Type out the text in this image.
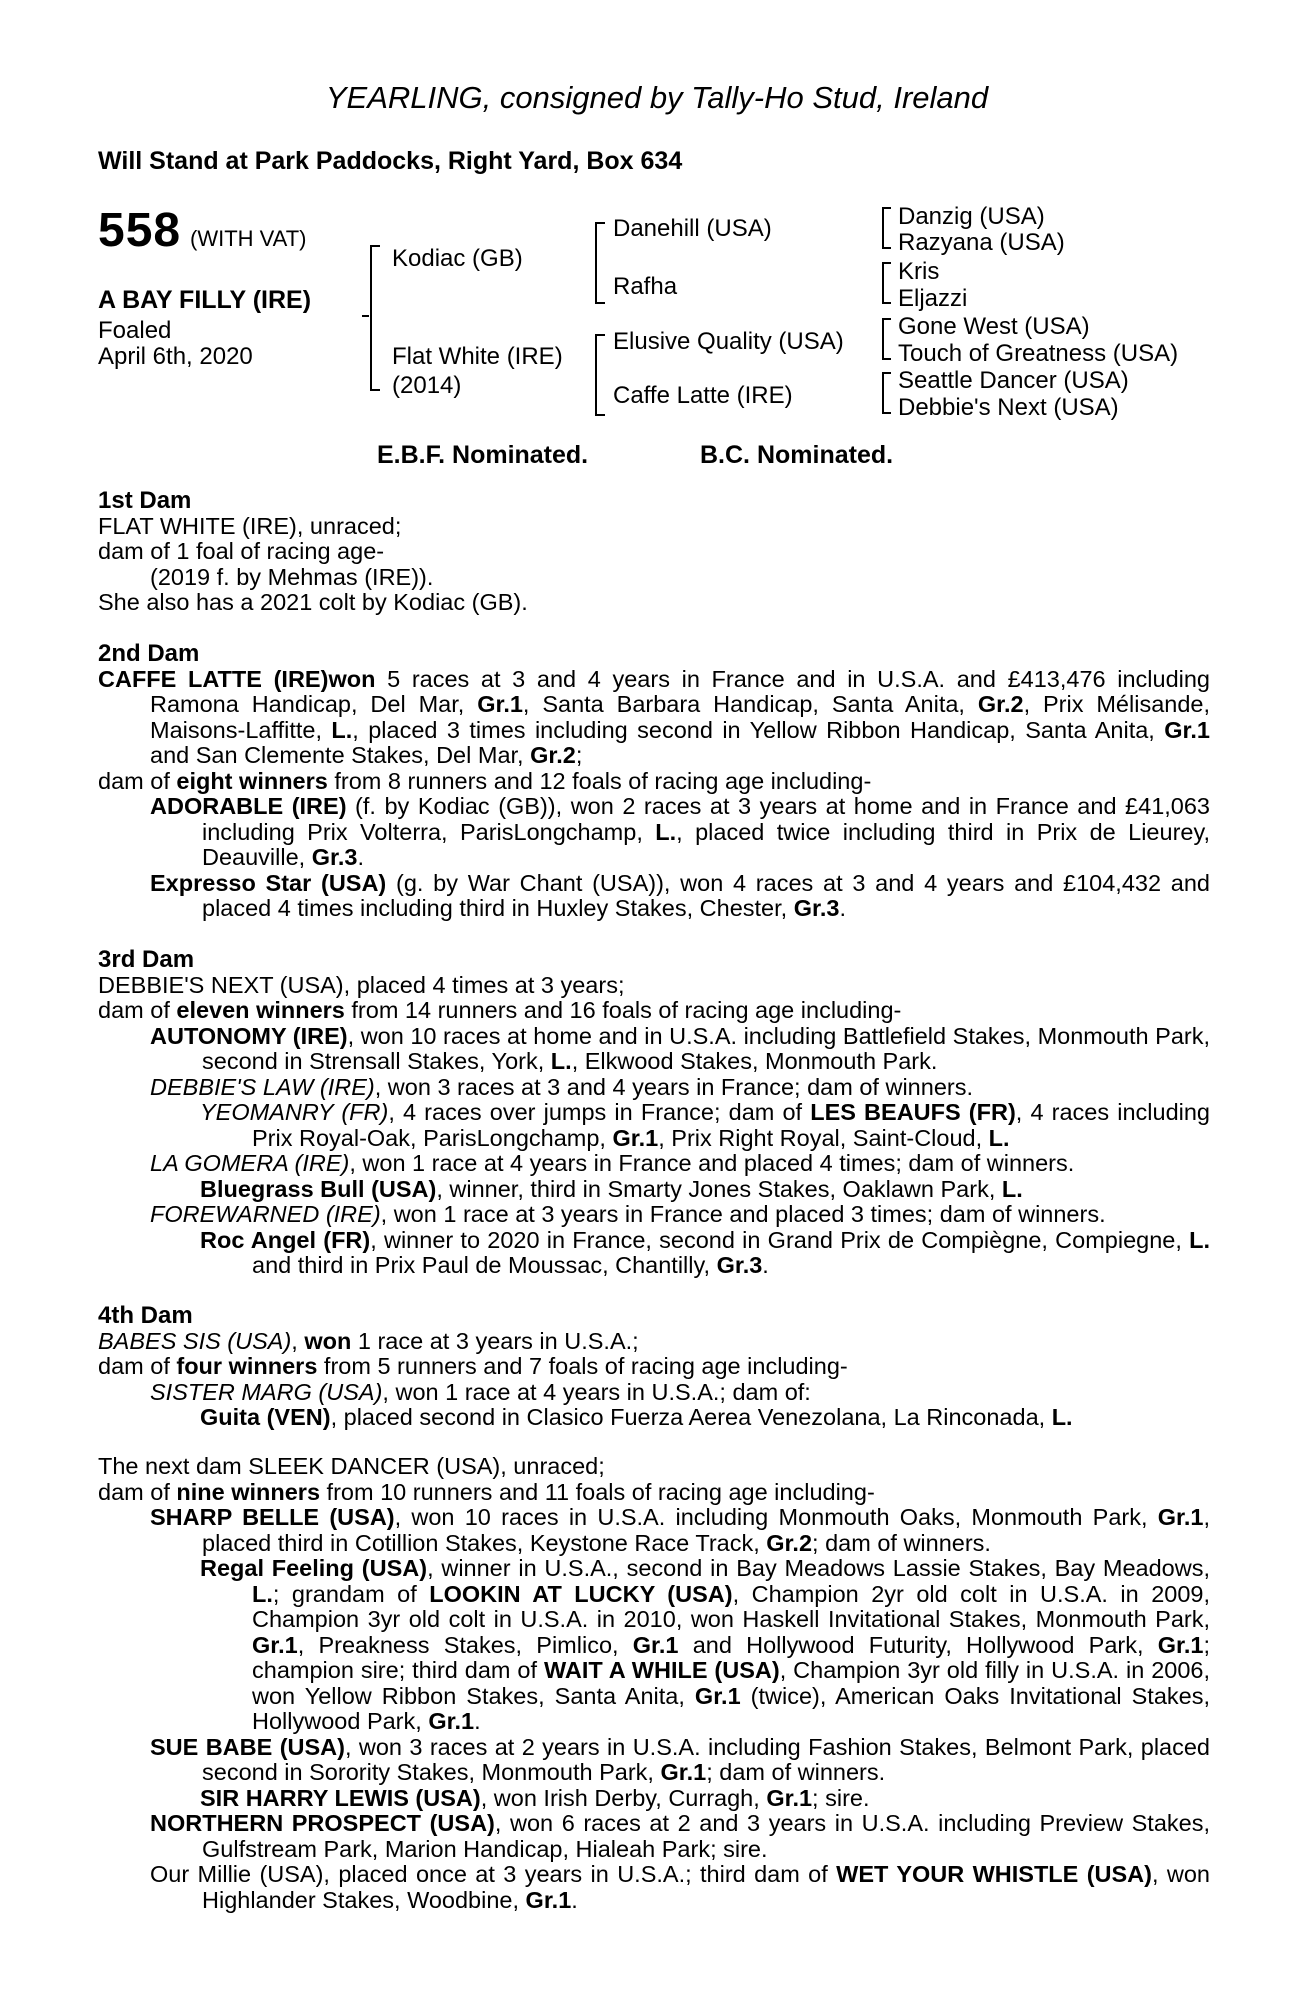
YEARLING, consigned by Tally-Ho Stud, Ireland
Will Stand at Park Paddocks, Right Yard, Box 634
558 (WITH VAT)
A BAY FILLY (IRE)
Foaled
April 6th, 2020
Kodiac (GB)
Flat White (IRE)
(2014)
Danehill (USA)
Rafha
Elusive Quality (USA)
Caffe Latte (IRE)
Danzig (USA)
Razyana (USA)
Kris
Eljazzi
Gone West (USA)
Touch of Greatness (USA)
Seattle Dancer (USA)
Debbie's Next (USA)
E.B.F. Nominated.	B.C. Nominated.

1st Dam

FLAT WHITE (IRE), unraced;

dam of 1 foal of racing age-

(2019 f. by Mehmas (IRE)).

She also has a 2021 colt by Kodiac (GB).

2nd Dam

CAFFE LATTE (IRE)won 5 races at 3 and 4 years in France and in U.S.A. and £413,476 including Ramona Handicap, Del Mar, Gr.1, Santa Barbara Handicap, Santa Anita, Gr.2, Prix Mélisande, Maisons-Laffitte, L., placed 3 times including second in Yellow Ribbon Handicap, Santa Anita, Gr.1 and San Clemente Stakes, Del Mar, Gr.2;

dam of eight winners from 8 runners and 12 foals of racing age including-

ADORABLE (IRE) (f. by Kodiac (GB)), won 2 races at 3 years at home and in France and £41,063 including Prix Volterra, ParisLongchamp, L., placed twice including third in Prix de Lieurey, Deauville, Gr.3.

Expresso Star (USA) (g. by War Chant (USA)), won 4 races at 3 and 4 years and £104,432 and placed 4 times including third in Huxley Stakes, Chester, Gr.3.

3rd Dam

DEBBIE'S NEXT (USA), placed 4 times at 3 years;

dam of eleven winners from 14 runners and 16 foals of racing age including-

AUTONOMY (IRE), won 10 races at home and in U.S.A. including Battlefield Stakes, Monmouth Park, second in Strensall Stakes, York, L., Elkwood Stakes, Monmouth Park.

DEBBIE'S LAW (IRE), won 3 races at 3 and 4 years in France; dam of winners.

YEOMANRY (FR), 4 races over jumps in France; dam of LES BEAUFS (FR), 4 races including Prix Royal-Oak, ParisLongchamp, Gr.1, Prix Right Royal, Saint-Cloud, L.

LA GOMERA (IRE), won 1 race at 4 years in France and placed 4 times; dam of winners.

Bluegrass Bull (USA), winner, third in Smarty Jones Stakes, Oaklawn Park, L.

FOREWARNED (IRE), won 1 race at 3 years in France and placed 3 times; dam of winners.

Roc Angel (FR), winner to 2020 in France, second in Grand Prix de Compiègne, Compiegne, L. and third in Prix Paul de Moussac, Chantilly, Gr.3.

4th Dam

BABES SIS (USA), won 1 race at 3 years in U.S.A.;

dam of four winners from 5 runners and 7 foals of racing age including-

SISTER MARG (USA), won 1 race at 4 years in U.S.A.; dam of:

Guita (VEN), placed second in Clasico Fuerza Aerea Venezolana, La Rinconada, L.

The next dam SLEEK DANCER (USA), unraced;

dam of nine winners from 10 runners and 11 foals of racing age including-

SHARP BELLE (USA), won 10 races in U.S.A. including Monmouth Oaks, Monmouth Park, Gr.1, placed third in Cotillion Stakes, Keystone Race Track, Gr.2; dam of winners.

Regal Feeling (USA), winner in U.S.A., second in Bay Meadows Lassie Stakes, Bay Meadows, L.; grandam of LOOKIN AT LUCKY (USA), Champion 2yr old colt in U.S.A. in 2009, Champion 3yr old colt in U.S.A. in 2010, won Haskell Invitational Stakes, Monmouth Park, Gr.1, Preakness Stakes, Pimlico, Gr.1 and Hollywood Futurity, Hollywood Park, Gr.1; champion sire; third dam of WAIT A WHILE (USA), Champion 3yr old filly in U.S.A. in 2006, won Yellow Ribbon Stakes, Santa Anita, Gr.1 (twice), American Oaks Invitational Stakes, Hollywood Park, Gr.1.

SUE BABE (USA), won 3 races at 2 years in U.S.A. including Fashion Stakes, Belmont Park, placed second in Sorority Stakes, Monmouth Park, Gr.1; dam of winners.

SIR HARRY LEWIS (USA), won Irish Derby, Curragh, Gr.1; sire.

NORTHERN PROSPECT (USA), won 6 races at 2 and 3 years in U.S.A. including Preview Stakes, Gulfstream Park, Marion Handicap, Hialeah Park; sire.

Our Millie (USA), placed once at 3 years in U.S.A.; third dam of WET YOUR WHISTLE (USA), won Highlander Stakes, Woodbine, Gr.1.
